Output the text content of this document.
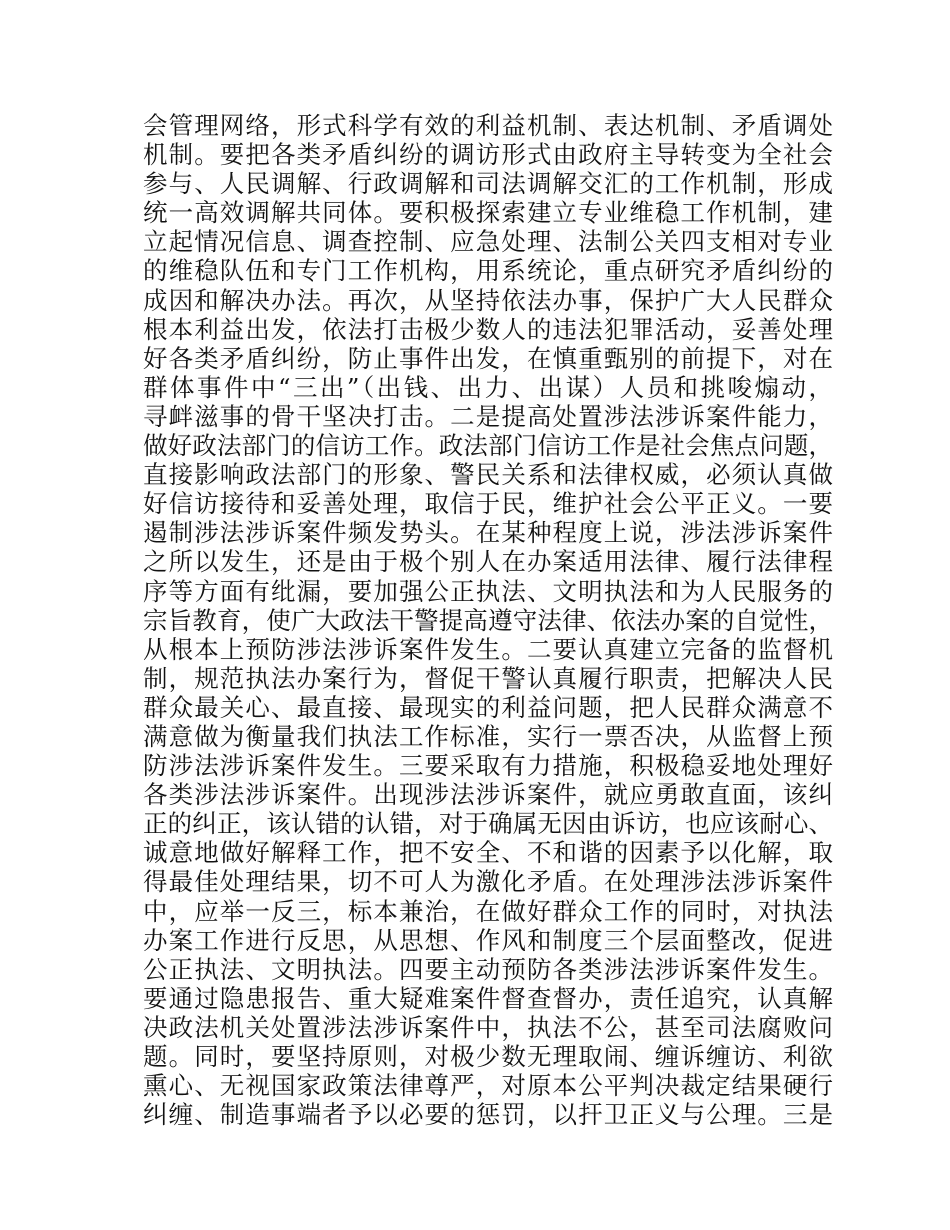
会管理网络，形式科学有效的利益机制、表达机制、矛盾调处
机制。要把各类矛盾纠纷的调访形式由政府主导转变为全社会
参与、人民调解、行政调解和司法调解交汇的工作机制，形成
统一高效调解共同体。要积极探索建立专业维稳工作机制，建
立起情况信息、调查控制、应急处理、法制公关四支相对专业
的维稳队伍和专门工作机构，用系统论，重点研究矛盾纠纷的
成因和解决办法。再次，从坚持依法办事，保护广大人民群众
根本利益出发，依法打击极少数人的违法犯罪活动，妥善处理
好各类矛盾纠纷，防止事件出发，在慎重甄别的前提下，对在
群体事件中“三出”（出钱、出力、出谋）人员和挑唆煽动，
寻衅滋事的骨干坚决打击。二是提高处置涉法涉诉案件能力，
做好政法部门的信访工作。政法部门信访工作是社会焦点问题，
直接影响政法部门的形象、警民关系和法律权威，必须认真做
好信访接待和妥善处理，取信于民，维护社会公平正义。一要
遏制涉法涉诉案件频发势头。在某种程度上说，涉法涉诉案件
之所以发生，还是由于极个别人在办案适用法律、履行法律程
序等方面有纰漏，要加强公正执法、文明执法和为人民服务的
宗旨教育，使广大政法干警提高遵守法律、依法办案的自觉性，
从根本上预防涉法涉诉案件发生。二要认真建立完备的监督机
制，规范执法办案行为，督促干警认真履行职责，把解决人民
群众最关心、最直接、最现实的利益问题，把人民群众满意不
满意做为衡量我们执法工作标准，实行一票否决，从监督上预
防涉法涉诉案件发生。三要采取有力措施，积极稳妥地处理好
各类涉法涉诉案件。出现涉法涉诉案件，就应勇敢直面，该纠
正的纠正，该认错的认错，对于确属无因由诉访，也应该耐心、
诚意地做好解释工作，把不安全、不和谐的因素予以化解，取
得最佳处理结果，切不可人为激化矛盾。在处理涉法涉诉案件
中，应举一反三，标本兼治，在做好群众工作的同时，对执法
办案工作进行反思，从思想、作风和制度三个层面整改，促进
公正执法、文明执法。四要主动预防各类涉法涉诉案件发生。
要通过隐患报告、重大疑难案件督查督办，责任追究，认真解
决政法机关处置涉法涉诉案件中，执法不公，甚至司法腐败问
题。同时，要坚持原则，对极少数无理取闹、缠诉缠访、利欲
熏心、无视国家政策法律尊严，对原本公平判决裁定结果硬行
纠缠、制造事端者予以必要的惩罚，以扞卫正义与公理。三是
